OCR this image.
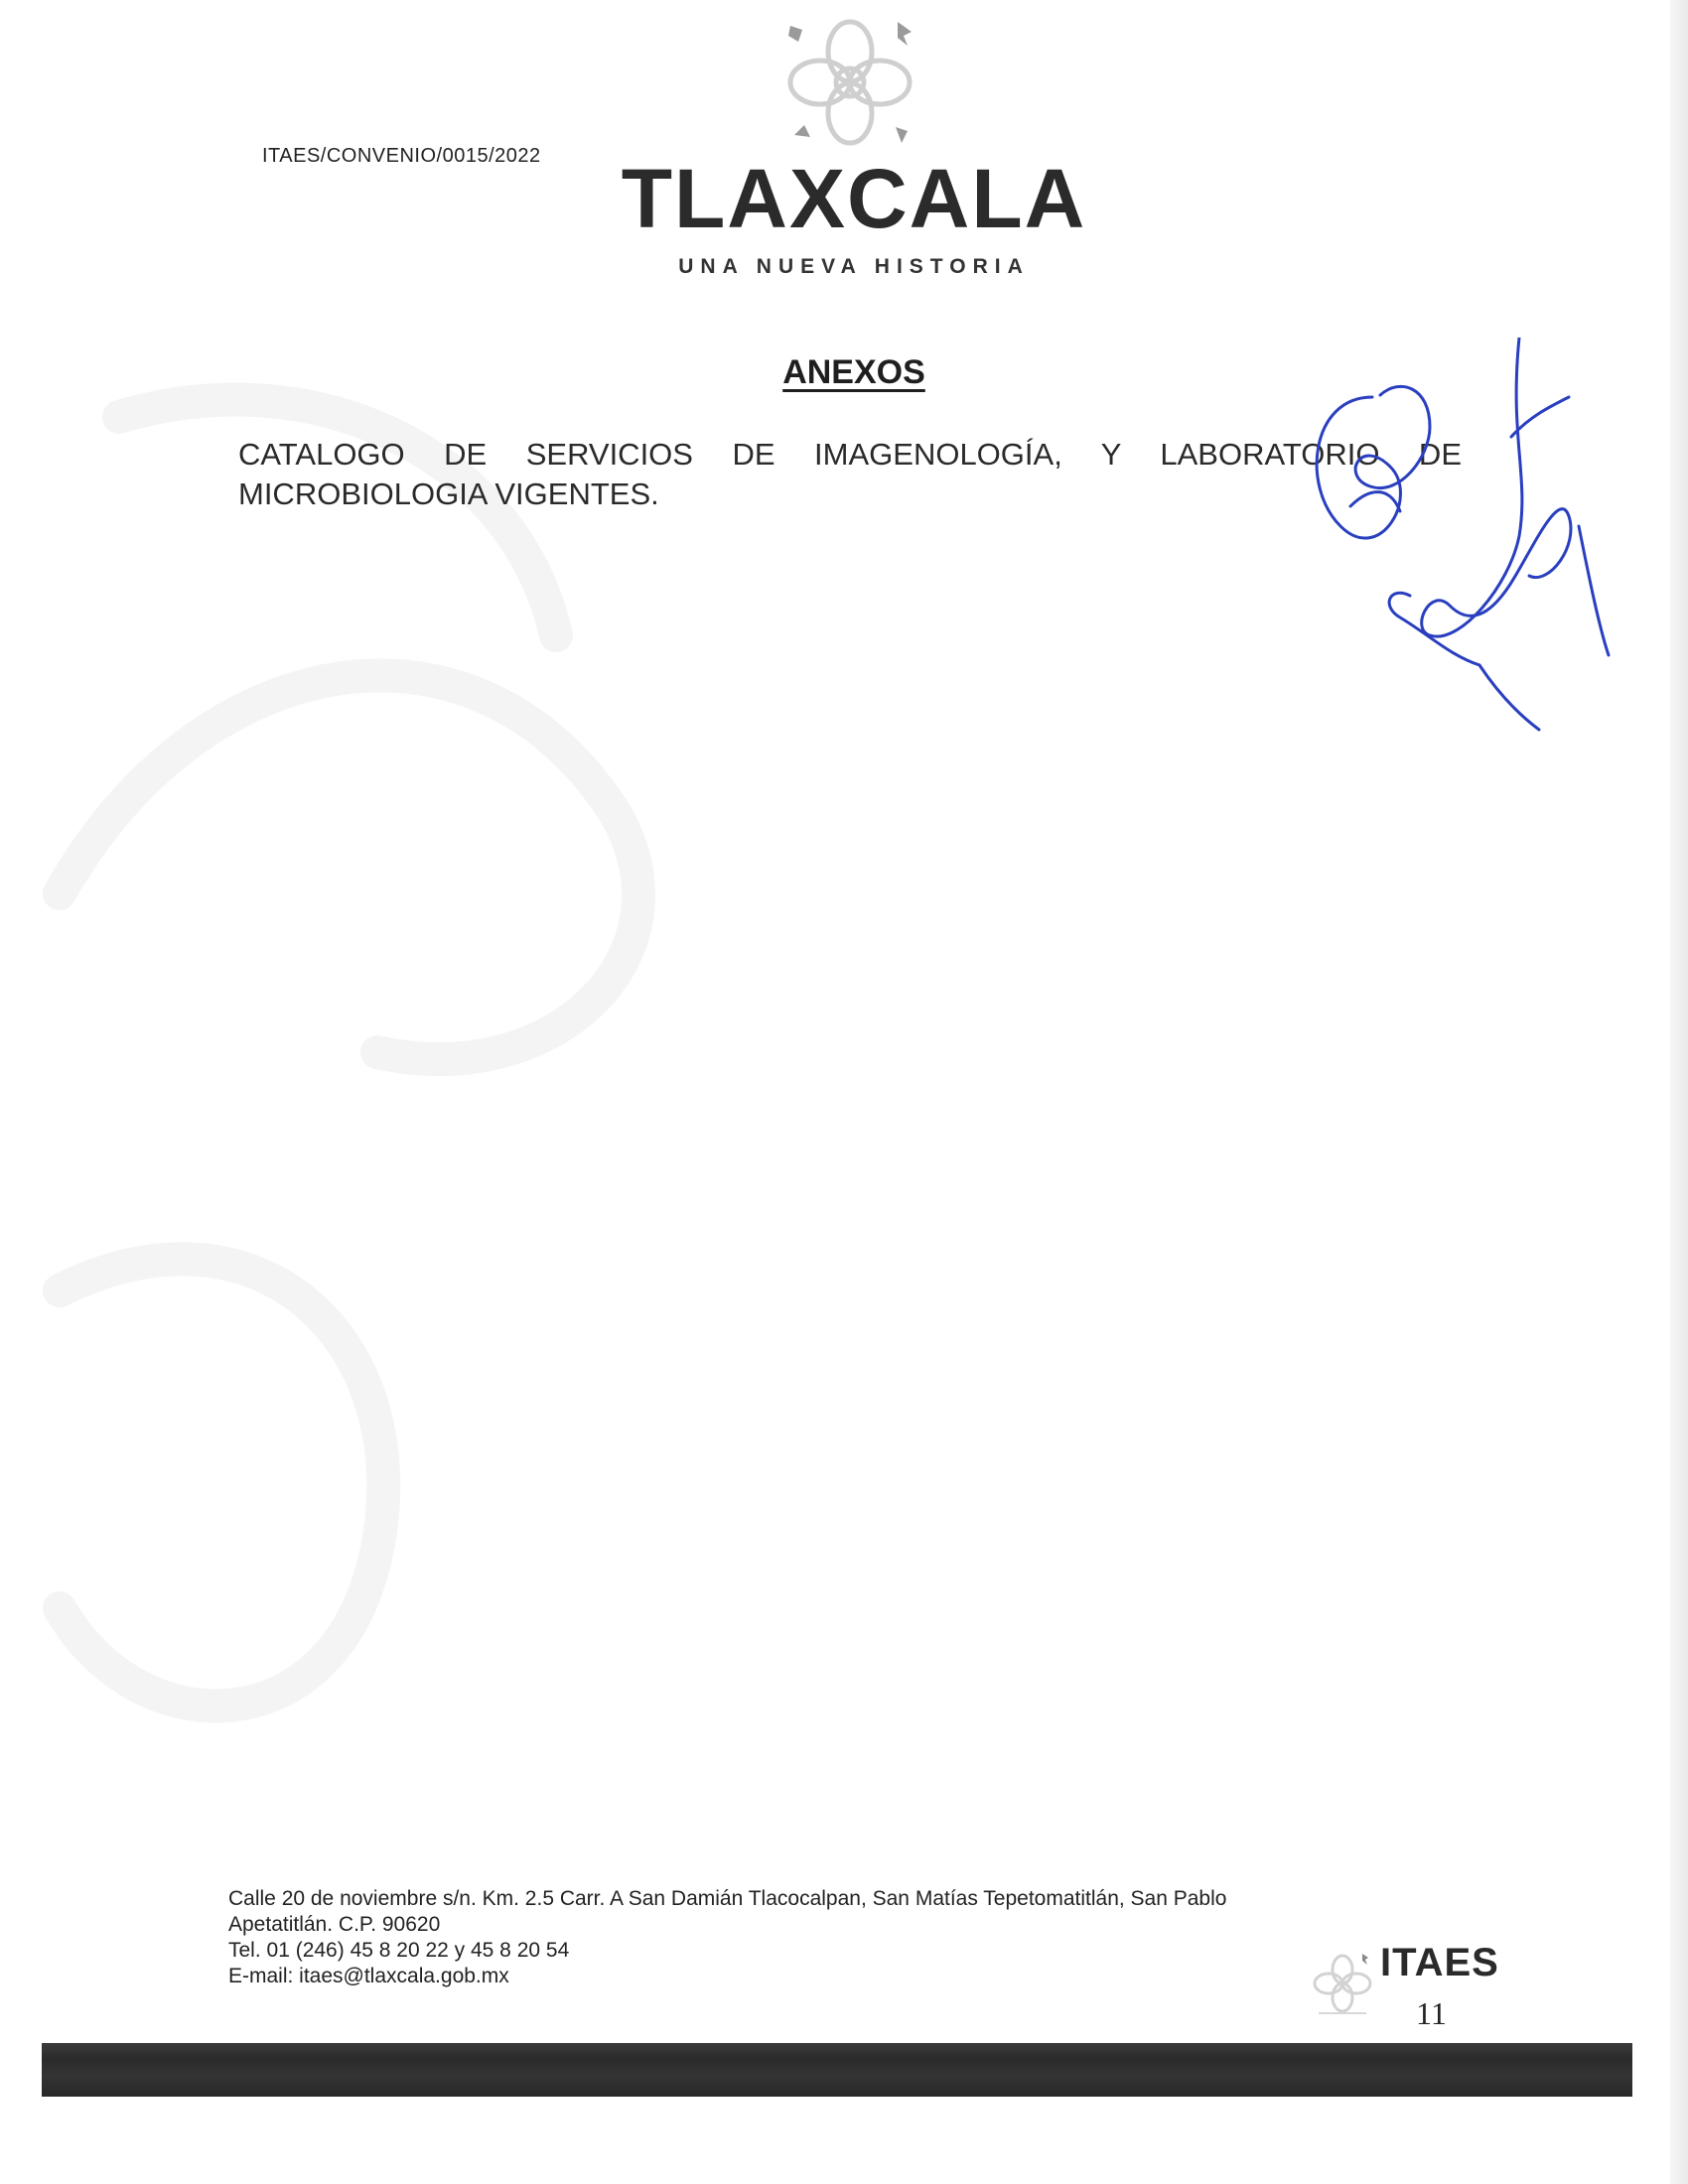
ITAES/CONVENIO/0015/2022 TLAXCALA
UNA NUEVA HISTORIA
ANEXOS
CATALOGO DE SERVICIOS DE IMAGENOLOGÍA, Y LABORATORIO DE
MICROBIOLOGIA VIGENTES.
Calle 20 de noviembre s/n. Km. 2.5 Carr. A San Damián Tlacocalpan, San Matías Tepetomatitlán, San Pablo
Apetatitlán. C.P. 90620
Tel. 01 (246) 45 8 20 22 y 45 8 20 54
E-mail: itaes@tlaxcala.gob.mx	ITAES
11
